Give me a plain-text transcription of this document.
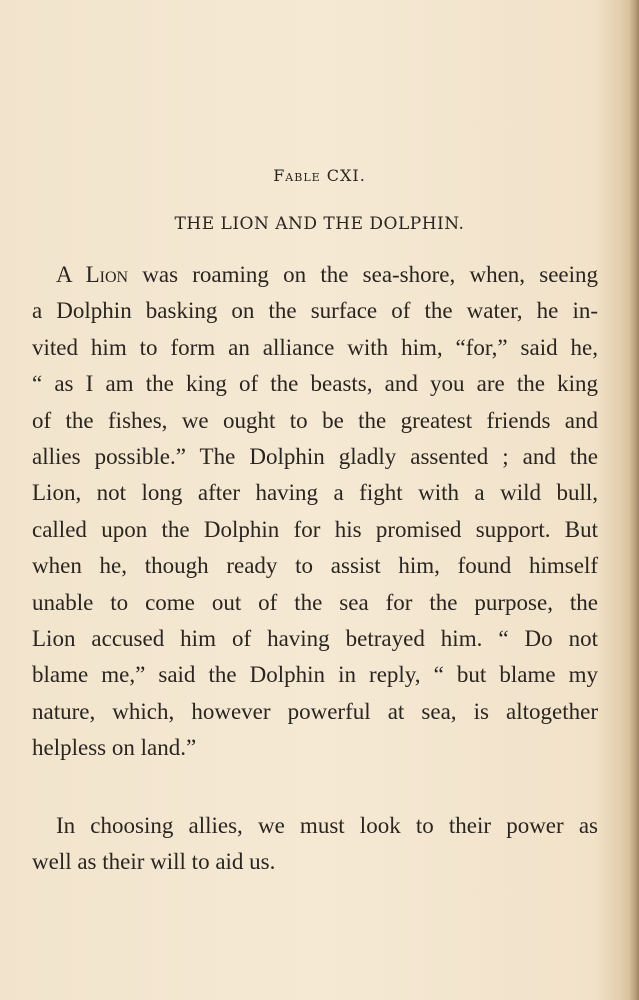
Fable CXI.
THE LION AND THE DOLPHIN.
A Lion was roaming on the sea-shore, when, seeing
a Dolphin basking on the surface of the water, he in-
vited him to form an alliance with him, “for,” said he,
“ as I am the king of the beasts, and you are the king
of the fishes, we ought to be the greatest friends and
allies possible.” The Dolphin gladly assented ; and the
Lion, not long after having a fight with a wild bull,
called upon the Dolphin for his promised support. But
when he, though ready to assist him, found himself
unable to come out of the sea for the purpose, the
Lion accused him of having betrayed him. “ Do not
blame me,” said the Dolphin in reply, “ but blame my
nature, which, however powerful at sea, is altogether
helpless on land.”
In choosing allies, we must look to their power as
well as their will to aid us.
